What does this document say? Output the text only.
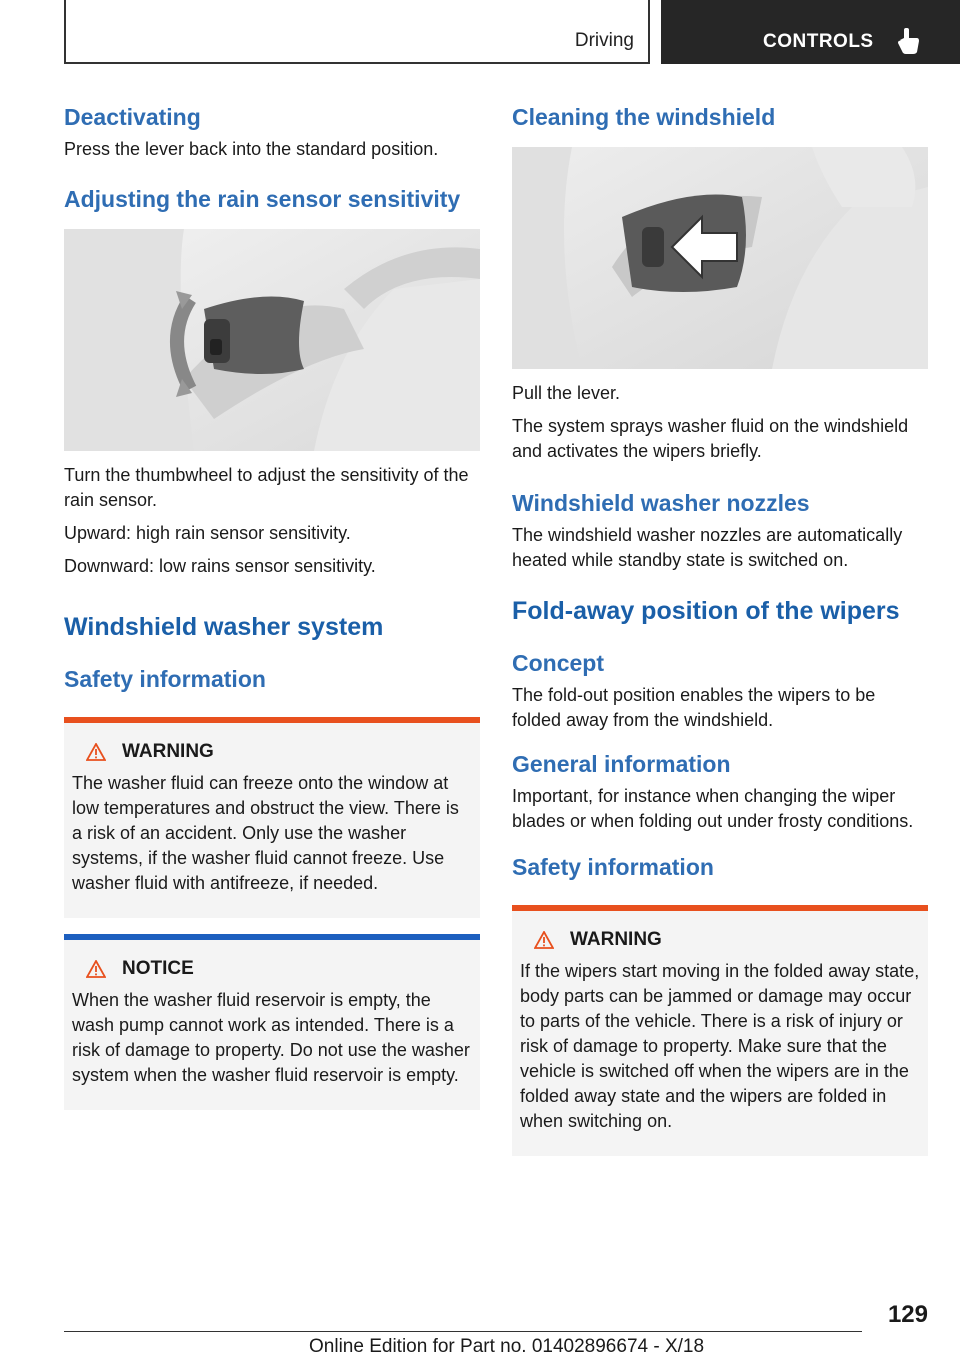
Driving	CONTROLS
Deactivating

Press the lever back into the standard position.

Adjusting the rain sensor sensitivity

Turn the thumbwheel to adjust the sensitivity of the rain sensor.

Upward: high rain sensor sensitivity.

Downward: low rains sensor sensitivity.

Windshield washer system
Safety information
WARNING

The washer fluid can freeze onto the window at low temperatures and obstruct the view. There is a risk of an accident. Only use the washer systems, if the washer fluid cannot freeze. Use washer fluid with antifreeze, if needed.

NOTICE

When the washer fluid reservoir is empty, the wash pump cannot work as intended. There is a risk of damage to property. Do not use the washer system when the washer fluid reservoir is empty.

Cleaning the windshield

Pull the lever.

The system sprays washer fluid on the windshield and activates the wipers briefly.

Windshield washer nozzles

The windshield washer nozzles are automatically heated while standby state is switched on.

Fold-away position of the wipers
Concept

The fold-out position enables the wipers to be folded away from the windshield.

General information

Important, for instance when changing the wiper blades or when folding out under frosty conditions.

Safety information
WARNING

If the wipers start moving in the folded away state, body parts can be jammed or damage may occur to parts of the vehicle. There is a risk of injury or risk of damage to property. Make sure that the vehicle is switched off when the wipers are in the folded away state and the wipers are folded in when switching on.

129
Online Edition for Part no. 01402896674 - X/18
